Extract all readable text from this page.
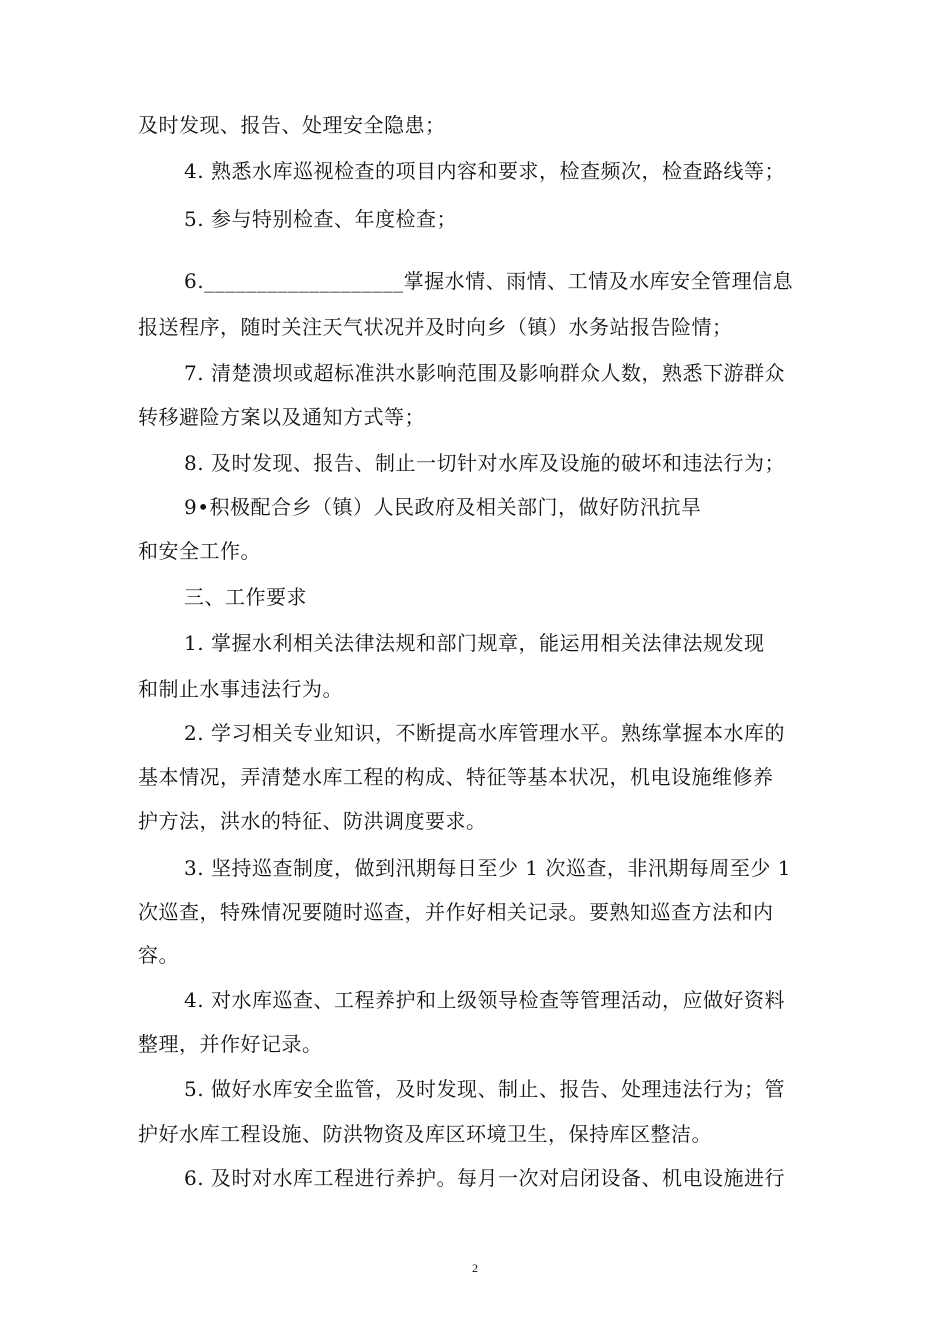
及时发现、报告、处理安全隐患；
4. 熟悉水库巡视检查的项目内容和要求，检查频次，检查路线等；
5. 参与特别检查、年度检查；
6.___________________掌握水情、雨情、工情及水库安全管理信息
报送程序，随时关注天气状况并及时向乡（镇）水务站报告险情；
7. 清楚溃坝或超标准洪水影响范围及影响群众人数，熟悉下游群众
转移避险方案以及通知方式等；
8. 及时发现、报告、制止一切针对水库及设施的破坏和违法行为；
9•积极配合乡（镇）人民政府及相关部门，做好防汛抗旱
和安全工作。
三、工作要求
1. 掌握水利相关法律法规和部门规章，能运用相关法律法规发现
和制止水事违法行为。
2. 学习相关专业知识，不断提高水库管理水平。熟练掌握本水库的
基本情况，弄清楚水库工程的构成、特征等基本状况，机电设施维修养
护方法，洪水的特征、防洪调度要求。
3. 坚持巡查制度，做到汛期每日至少 1 次巡查，非汛期每周至少 1
次巡查，特殊情况要随时巡查，并作好相关记录。要熟知巡查方法和内
容。
4. 对水库巡查、工程养护和上级领导检查等管理活动，应做好资料
整理，并作好记录。
5. 做好水库安全监管，及时发现、制止、报告、处理违法行为；管
护好水库工程设施、防洪物资及库区环境卫生，保持库区整洁。
6. 及时对水库工程进行养护。每月一次对启闭设备、机电设施进行
2
